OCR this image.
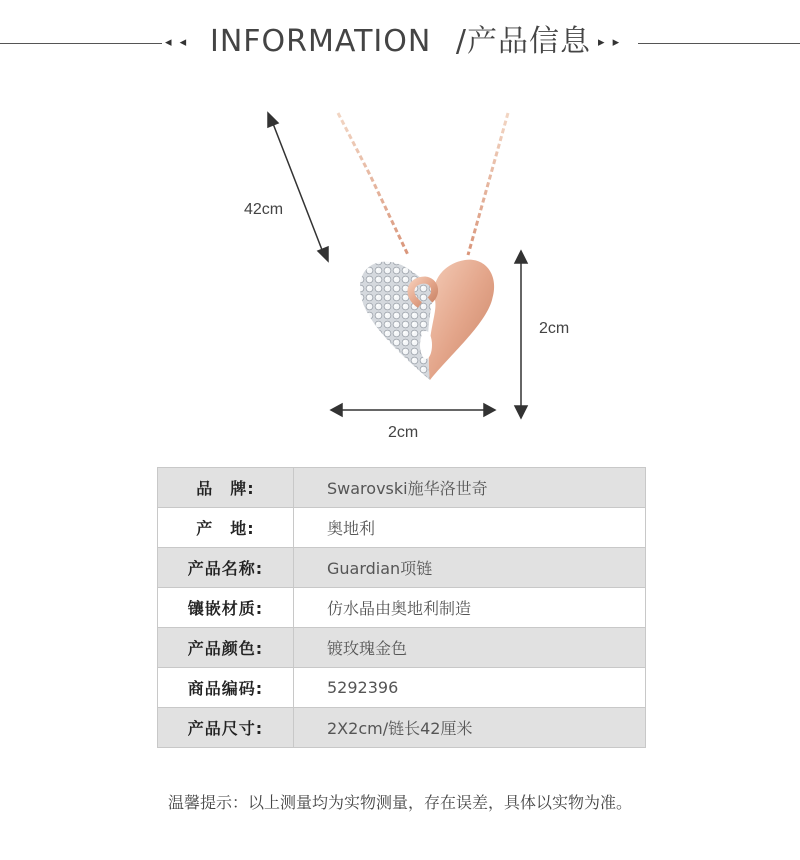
◂ ◂ INFORMATION /产品信息 ▸ ▸
42cm
2cm
2cm
品　牌:	Swarovski施华洛世奇
产　地:	奥地利
产品名称:	Guardian项链
镶嵌材质:	仿水晶由奥地利制造
产品颜色:	镀玫瑰金色
商品编码:	5292396
产品尺寸:	2X2cm/链长42厘米
温馨提示：以上测量均为实物测量，存在误差，具体以实物为准。
